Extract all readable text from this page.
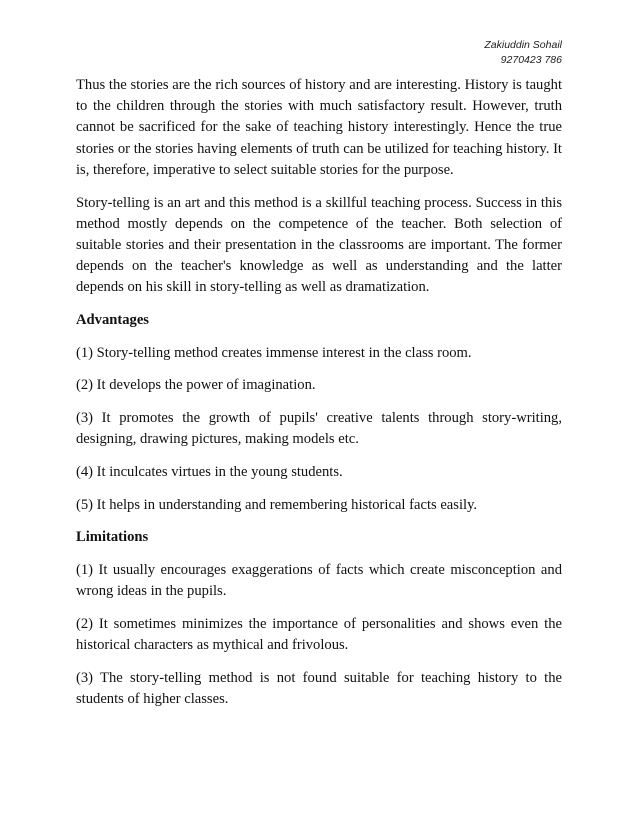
Zakiuddin Sohail
9270423 786

Thus the stories are the rich sources of history and are interesting. History is taught to the children through the stories with much satisfactory result. However, truth cannot be sacrificed for the sake of teaching history interestingly. Hence the true stories or the stories having elements of truth can be utilized for teaching history. It is, therefore, imperative to select suitable stories for the purpose.

Story-telling is an art and this method is a skillful teaching process. Success in this method mostly depends on the competence of the teacher. Both selection of suitable stories and their presentation in the classrooms are important. The former depends on the teacher's knowledge as well as understanding and the latter depends on his skill in story-telling as well as dramatization.

Advantages

(1) Story-telling method creates immense interest in the class room.

(2) It develops the power of imagination.

(3) It promotes the growth of pupils' creative talents through story-writing, designing, drawing pictures, making models etc.

(4) It inculcates virtues in the young students.

(5) It helps in understanding and remembering historical facts easily.

Limitations

(1) It usually encourages exaggerations of facts which create misconception and wrong ideas in the pupils.

(2) It sometimes minimizes the importance of personalities and shows even the historical characters as mythical and frivolous.

(3) The story-telling method is not found suitable for teaching history to the students of higher classes.
